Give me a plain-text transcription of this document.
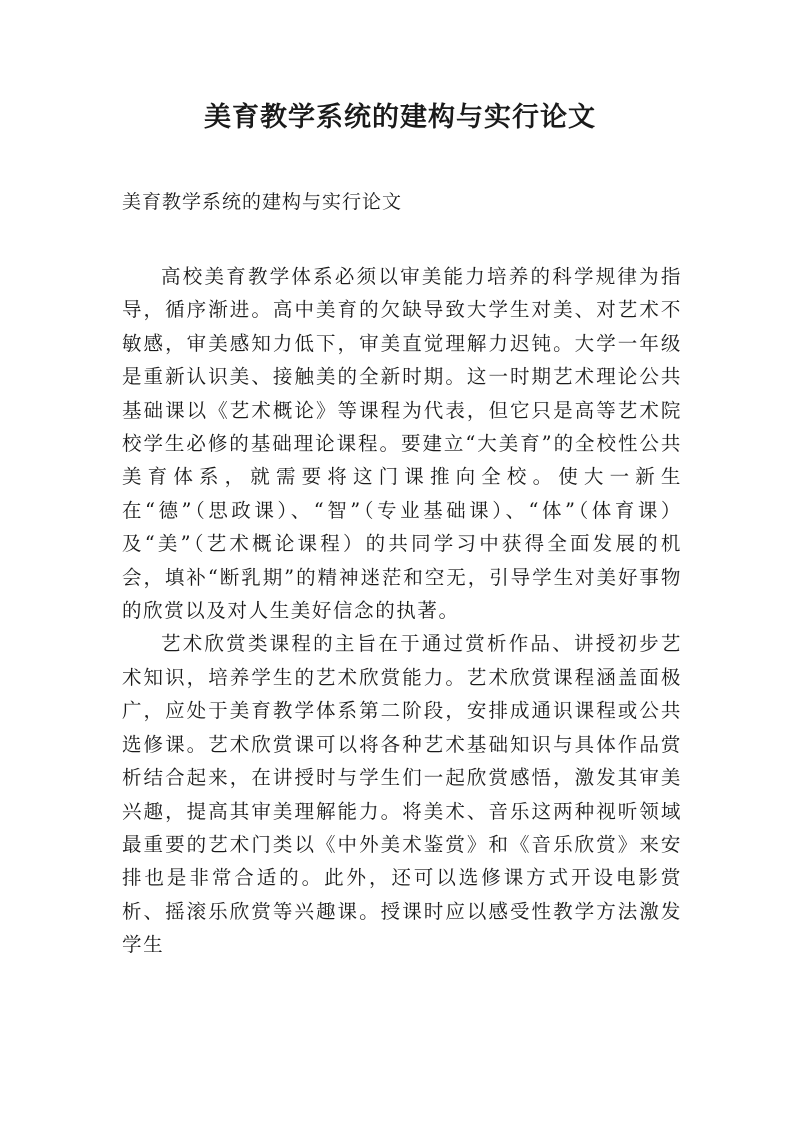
美育教学系统的建构与实行论文
美育教学系统的建构与实行论文

高校美育教学体系必须以审美能力培养的科学规律为指导，循序渐进。高中美育的欠缺导致大学生对美、对艺术不敏感，审美感知力低下，审美直觉理解力迟钝。大学一年级是重新认识美、接触美的全新时期。这一时期艺术理论公共基础课以《艺术概论》等课程为代表，但它只是高等艺术院校学生必修的基础理论课程。要建立“大美育”的全校性公共美育体系，就需要将这门课推向全校。使大一新生在“德”（思政课）、“智”（专业基础课）、“体”（体育课）及“美”（艺术概论课程）的共同学习中获得全面发展的机会，填补“断乳期”的精神迷茫和空无，引导学生对美好事物的欣赏以及对人生美好信念的执著。

艺术欣赏类课程的主旨在于通过赏析作品、讲授初步艺术知识，培养学生的艺术欣赏能力。艺术欣赏课程涵盖面极广，应处于美育教学体系第二阶段，安排成通识课程或公共选修课。艺术欣赏课可以将各种艺术基础知识与具体作品赏析结合起来，在讲授时与学生们一起欣赏感悟，激发其审美兴趣，提高其审美理解能力。将美术、音乐这两种视听领域最重要的艺术门类以《中外美术鉴赏》和《音乐欣赏》来安排也是非常合适的。此外，还可以选修课方式开设电影赏析、摇滚乐欣赏等兴趣课。授课时应以感受性教学方法激发学生
